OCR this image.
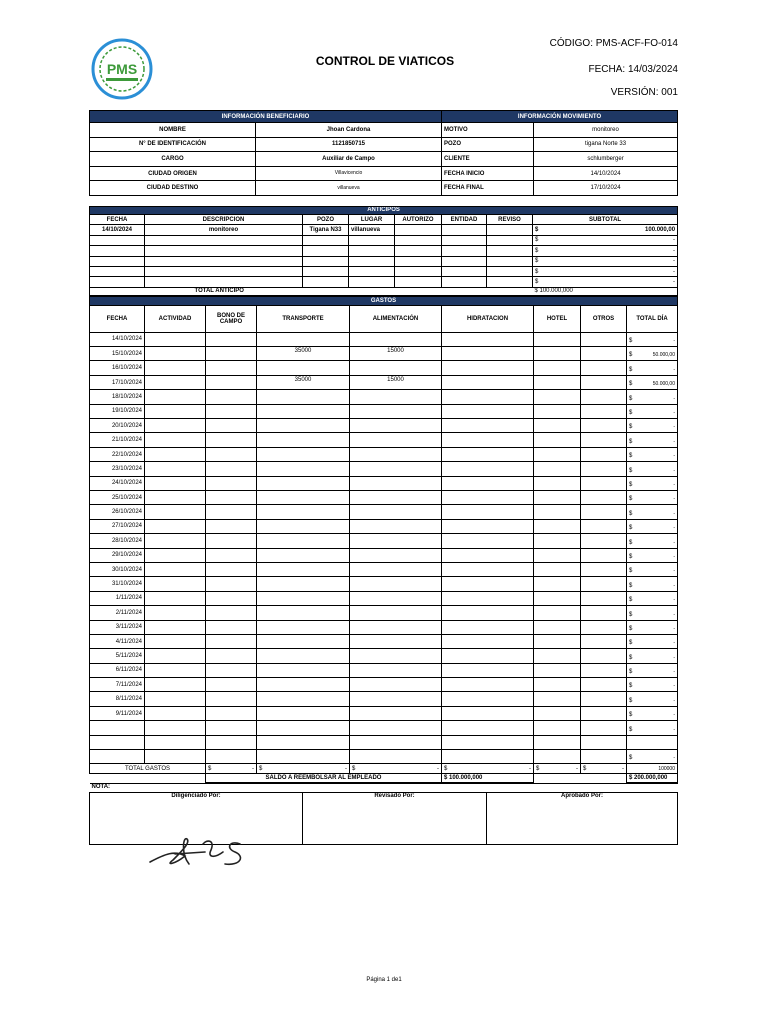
PMS	CONTROL DE VIATICOS
CÓDIGO: PMS-ACF-FO-014
FECHA: 14/03/2024
VERSIÓN: 001
INFORMACIÓN BENEFICIARIO		INFORMACIÓN MOVIMIENTO	
NOMBRE	Jhoan Cardona	MOTIVO	monitoreo
N° DE IDENTIFICACIÓN	1121850715	POZO	tigana Norte 33
CARGO	Auxiliar de Campo	CLIENTE	schlumberger
CIUDAD ORIGEN	Villavicencio	FECHA INICIO	14/10/2024
CIUDAD DESTINO	villanueva	FECHA FINAL	17/10/2024
ANTICIPOS							
FECHA	DESCRIPCION	POZO	LUGAR	AUTORIZO	ENTIDAD	REVISO	SUBTOTAL
14/10/2024	monitoreo	Tigana N33	villanueva				$ 100.000,00

							$ -

							$ -

							$ -

							$ -

							$ -

TOTAL ANTICIPO							$ 100.000,000
GASTOS								
FECHA	ACTIVIDAD	BONO DE CAMPO	TRANSPORTE	ALIMENTACIÓN	HIDRATACION	HOTEL	OTROS	TOTAL DÍA
14/10/2024								$ -

15/10/2024			35000	15000				$ 50.000,00

16/10/2024								$ -

17/10/2024			35000	15000				$ 50.000,00

18/10/2024								$ -

19/10/2024								$ -

20/10/2024								$ -

21/10/2024								$ -

22/10/2024								$ -

23/10/2024								$ -

24/10/2024								$ -

25/10/2024								$ -

26/10/2024								$ -

27/10/2024								$ -

28/10/2024								$ -

29/10/2024								$ -

30/10/2024								$ -

31/10/2024								$ -

1/11/2024								$ -

2/11/2024								$ -

3/11/2024								$ -

4/11/2024								$ -

5/11/2024								$ -

6/11/2024								$ -

7/11/2024								$ -

8/11/2024								$ -

9/11/2024								$ -

								$ -

								$ -

TOTAL GASTOS		$ -	$ -	$ -	$ -	$ -	$ -	100000
		SALDO A REEMBOLSAR AL EMPLEADO			$ 100.000,000			$ 200.000,000
NOTA:
Diligenciado Por:	Revisado Por:	Aprobado Por:
Página 1 de1
